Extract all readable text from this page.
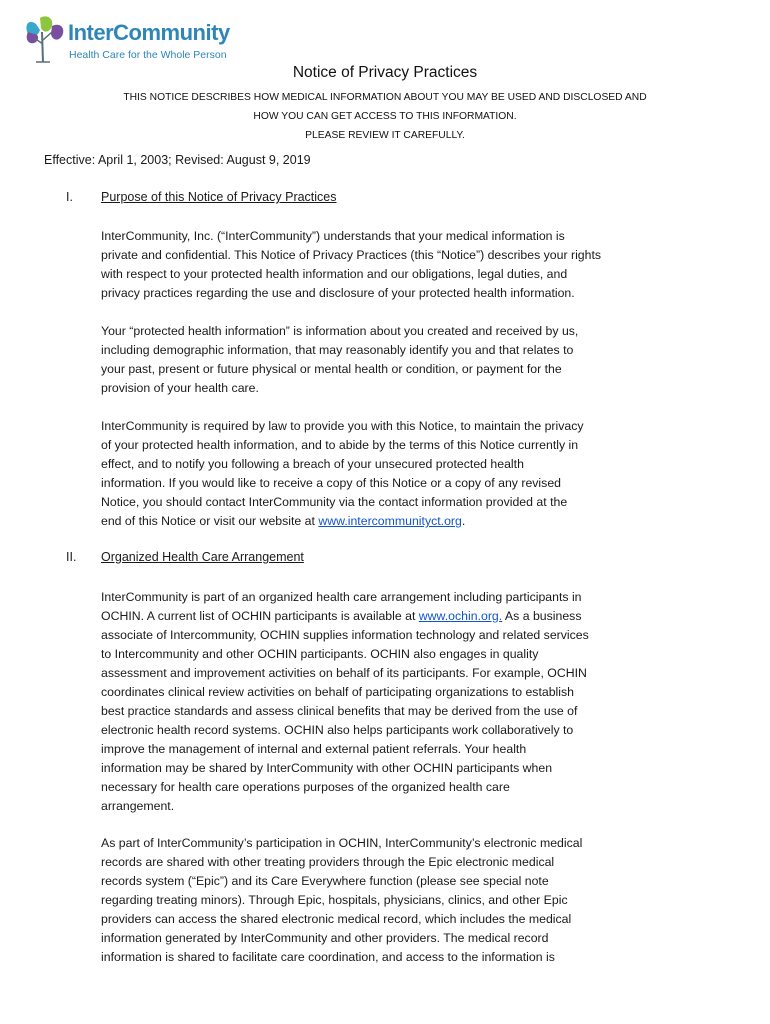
InterCommunity
Health Care for the Whole Person
Notice of Privacy Practices
THIS NOTICE DESCRIBES HOW MEDICAL INFORMATION ABOUT YOU MAY BE USED AND DISCLOSED AND
HOW YOU CAN GET ACCESS TO THIS INFORMATION.
PLEASE REVIEW IT CAREFULLY.
Effective: April 1, 2003; Revised: August 9, 2019
I. Purpose of this Notice of Privacy Practices
InterCommunity, Inc. (“InterCommunity”) understands that your medical information is
private and confidential. This Notice of Privacy Practices (this “Notice”) describes your rights
with respect to your protected health information and our obligations, legal duties, and
privacy practices regarding the use and disclosure of your protected health information.
Your “protected health information” is information about you created and received by us,
including demographic information, that may reasonably identify you and that relates to
your past, present or future physical or mental health or condition, or payment for the
provision of your health care.
InterCommunity is required by law to provide you with this Notice, to maintain the privacy
of your protected health information, and to abide by the terms of this Notice currently in
effect, and to notify you following a breach of your unsecured protected health
information. If you would like to receive a copy of this Notice or a copy of any revised
Notice, you should contact InterCommunity via the contact information provided at the
end of this Notice or visit our website at www.intercommunityct.org.
II. Organized Health Care Arrangement
InterCommunity is part of an organized health care arrangement including participants in
OCHIN. A current list of OCHIN participants is available at www.ochin.org. As a business
associate of Intercommunity, OCHIN supplies information technology and related services
to Intercommunity and other OCHIN participants. OCHIN also engages in quality
assessment and improvement activities on behalf of its participants. For example, OCHIN
coordinates clinical review activities on behalf of participating organizations to establish
best practice standards and assess clinical benefits that may be derived from the use of
electronic health record systems. OCHIN also helps participants work collaboratively to
improve the management of internal and external patient referrals. Your health
information may be shared by InterCommunity with other OCHIN participants when
necessary for health care operations purposes of the organized health care
arrangement.
As part of InterCommunity’s participation in OCHIN, InterCommunity’s electronic medical
records are shared with other treating providers through the Epic electronic medical
records system (“Epic”) and its Care Everywhere function (please see special note
regarding treating minors). Through Epic, hospitals, physicians, clinics, and other Epic
providers can access the shared electronic medical record, which includes the medical
information generated by InterCommunity and other providers. The medical record
information is shared to facilitate care coordination, and access to the information is
